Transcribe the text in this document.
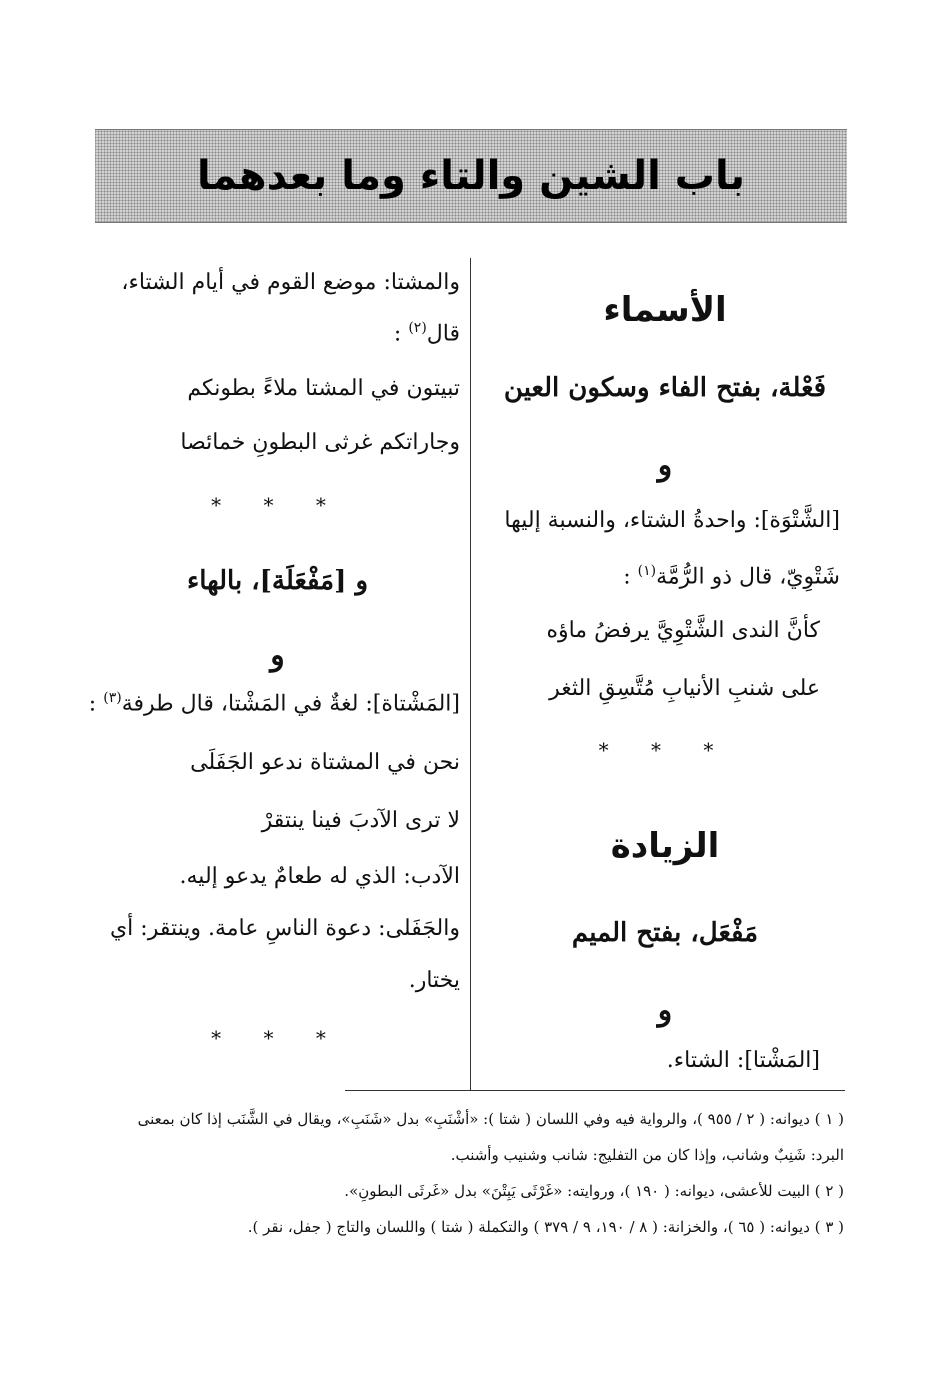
باب الشين والتاء وما بعدهما
الأسماء
فَعْلة، بفتح الفاء وسكون العين
و
[الشَّتْوَة]: واحدةُ الشتاء، والنسبة إليها
شَتْوِيّ، قال ذو الرُّمَّة$^{(١)}$ :
كأنَّ الندى الشَّتْوِيَّ يرفضُ ماؤه
على شنبِ الأنيابِ مُتَّسِقِ الثغر
* * *
الزيادة
مَفْعَل، بفتح الميم
و
[المَشْتا]: الشتاء.
والمشتا: موضع القوم في أيام الشتاء،
قال$^{(٢)}$ :
تبيتون في المشتا ملاءً بطونكم
وجاراتكم غرثى البطونِ خمائصا
* * *
و [مَفْعَلَة]، بالهاء
و
[المَشْتاة]: لغةٌ في المَشْتا، قال طرفة$^{(٣)}$ :
نحن في المشتاة ندعو الجَفَلَى
لا ترى الآدبَ فينا ينتقرْ
الآدب: الذي له طعامٌ يدعو إليه.
والجَفَلى: دعوة الناسِ عامة. وينتقر: أي
يختار.
* * *
( ١ ) ديوانه: ( ٢ / ٩٥٥ )، والرواية فيه وفي اللسان ( شتا ): «أشْنَبِ» بدل «شَنَبِ»، ويقال في الشَّنَب إذا كان بمعنى
البرد: شَنِبٌ وشانب، وإذا كان من التفليج: شانب وشنيب وأشنب.
( ٢ ) البيت للأعشى، ديوانه: ( ١٩٠ )، وروايته: «غَرْثَى يَبِتْنَ» بدل «غَرثَى البطونِ».
( ٣ ) ديوانه: ( ٦٥ )، والخزانة: ( ٨ / ١٩٠، ٩ / ٣٧٩ ) والتكملة ( شتا ) واللسان والتاج ( جفل، نقر ).
